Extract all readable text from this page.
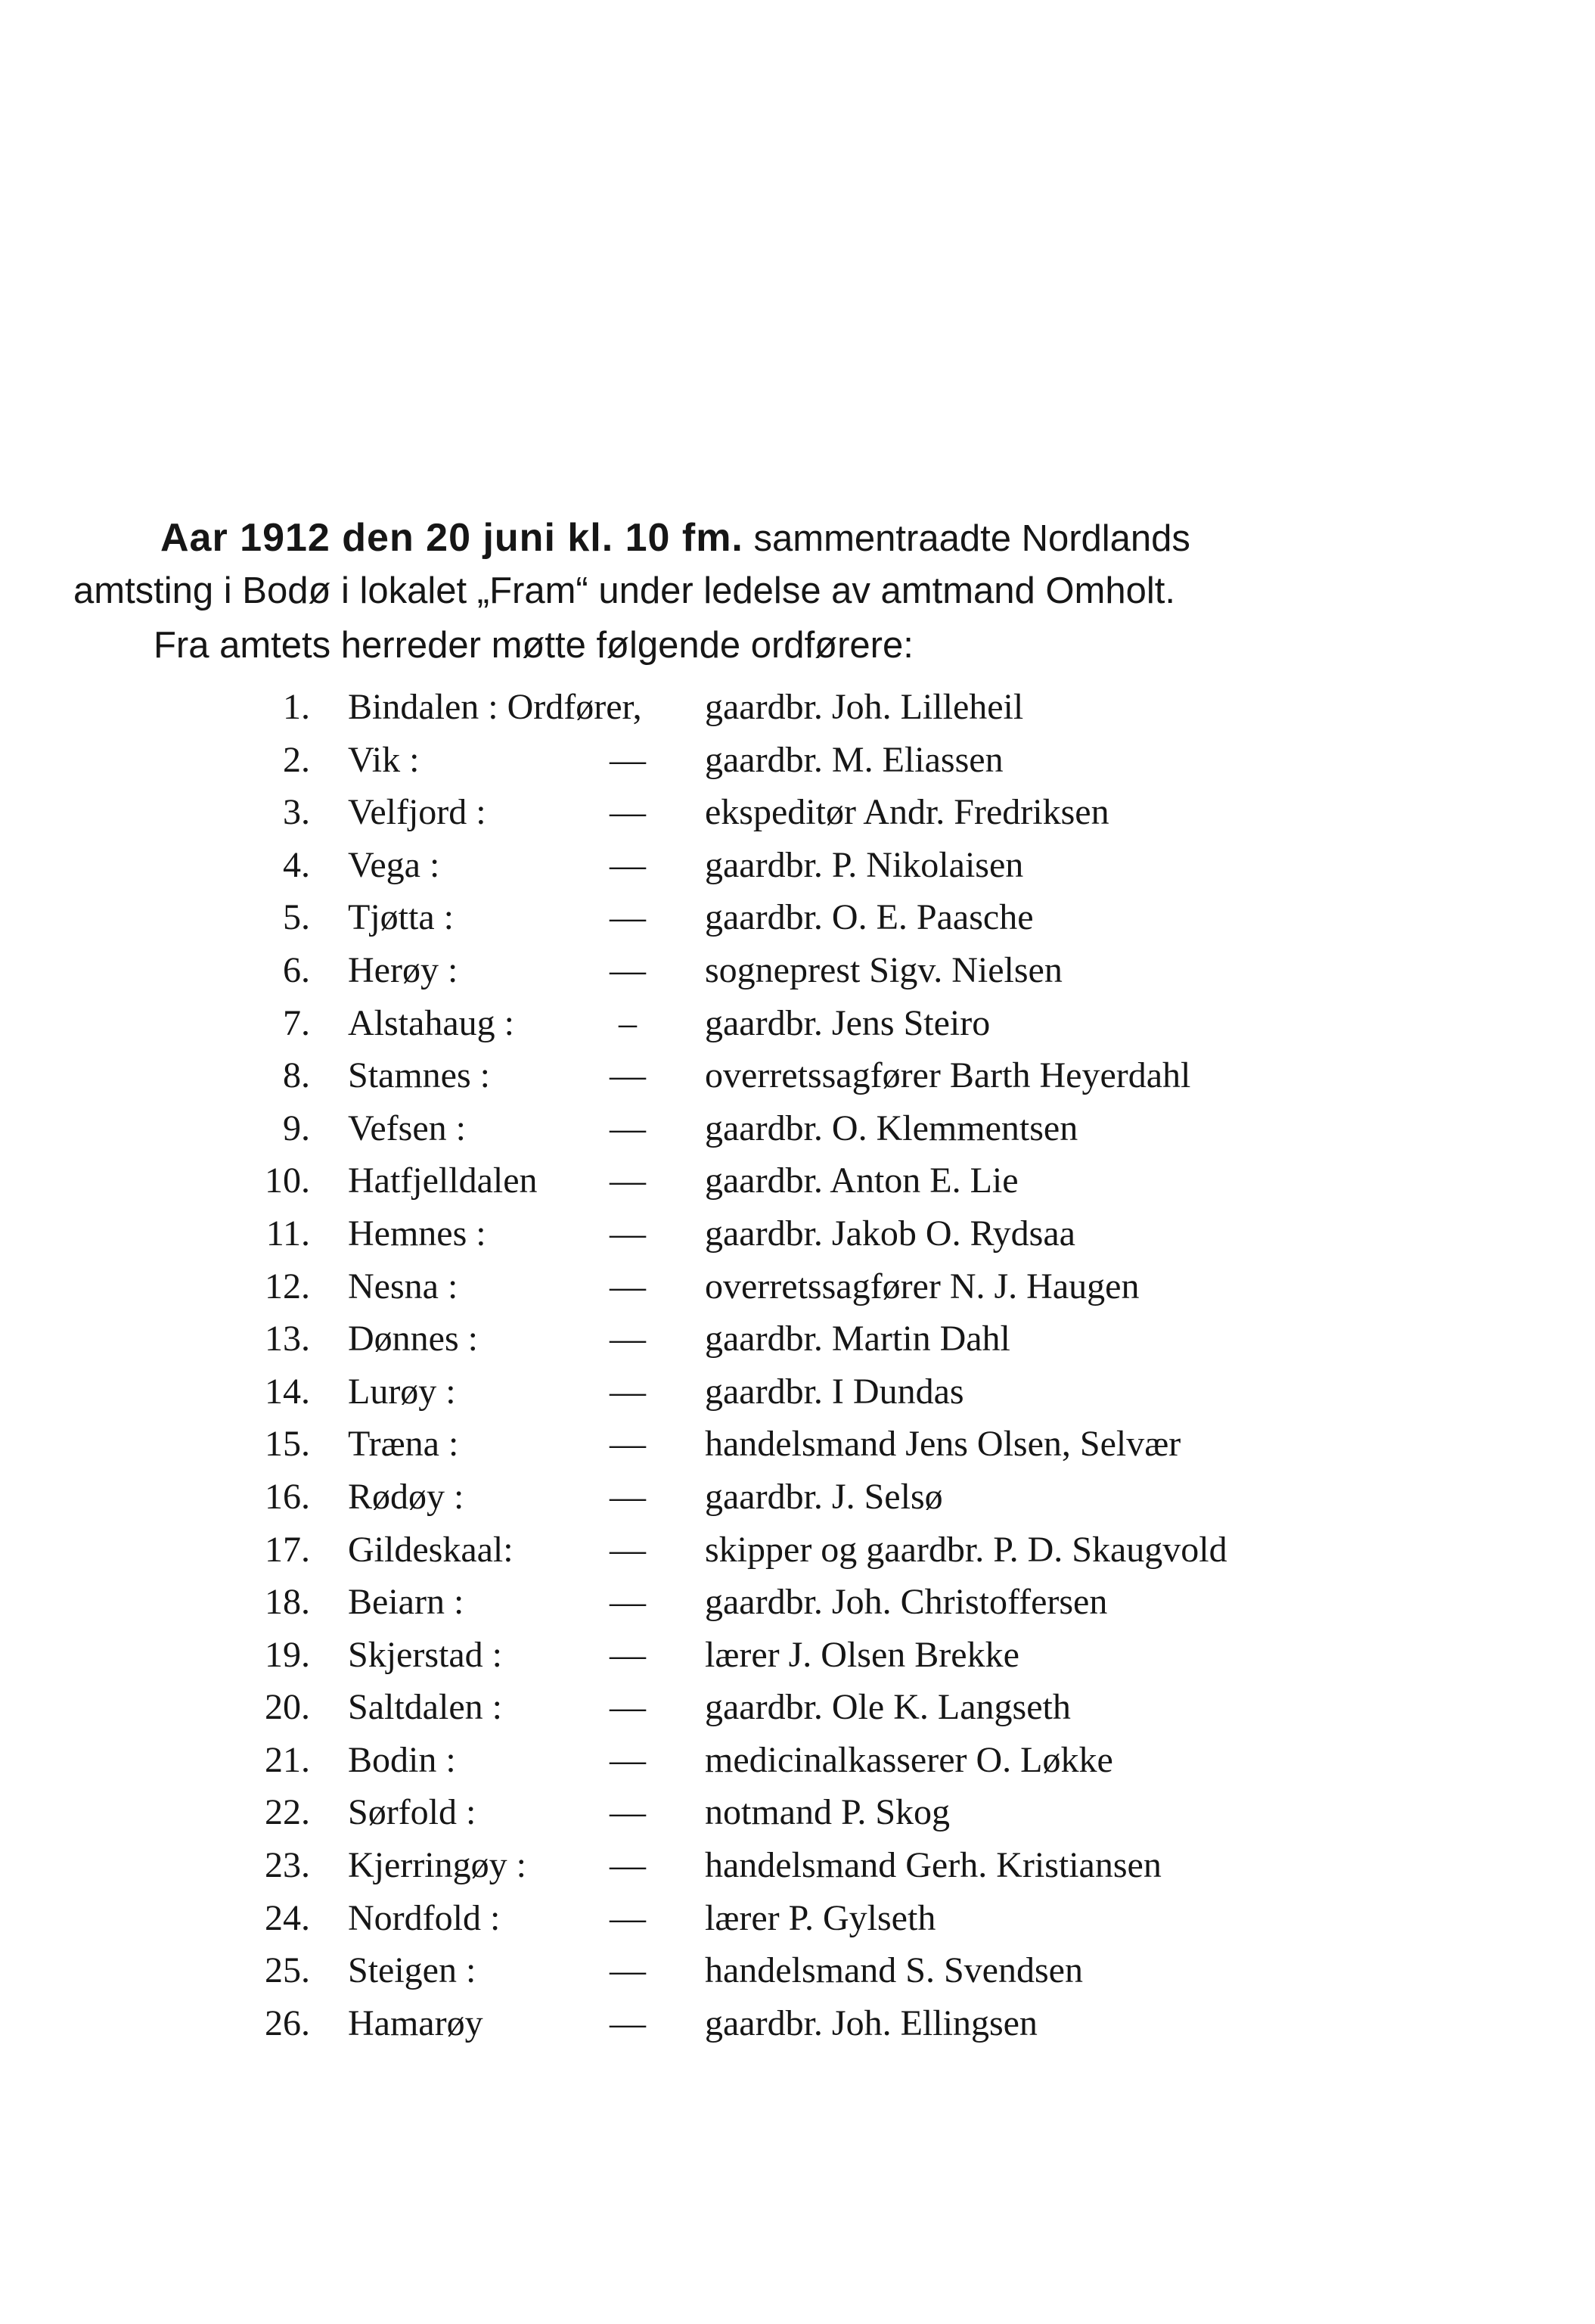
Aar 1912 den 20 juni kl. 10 fm. sammentraadte Nordlands
amtsting i Bodø i lokalet „Fram“ under ledelse av amtmand Omholt.
Fra amtets herreder møtte følgende ordførere:
1. Bindalen : Ordfører, gaardbr. Joh. Lilleheil
2. Vik :	— gaardbr. M. Eliassen
3. Velfjord :	— ekspeditør Andr. Fredriksen
4. Vega :	— gaardbr. P. Nikolaisen
5. Tjøtta :	— gaardbr. O. E. Paasche
6. Herøy :	— sogneprest Sigv. Nielsen
7. Alstahaug :	–	gaardbr. Jens Steiro
8. Stamnes :	— overretssagfører Barth Heyerdahl
9. Vefsen :	— gaardbr. O. Klemmentsen
10. Hatfjelldalen — gaardbr. Anton E. Lie
11. Hemnes :	— gaardbr. Jakob O. Rydsaa
12. Nesna :	— overretssagfører N. J. Haugen
13. Dønnes :	— gaardbr. Martin Dahl
14. Lurøy :	— gaardbr. I Dundas
15. Træna :	— handelsmand Jens Olsen, Selvær
16. Rødøy :	— gaardbr. J. Selsø
17. Gildeskaal:	— skipper og gaardbr. P. D. Skaugvold
18. Beiarn :	— gaardbr. Joh. Christoffersen
19. Skjerstad :	— lærer J. Olsen Brekke
20. Saltdalen :	— gaardbr. Ole K. Langseth
21. Bodin :	— medicinalkasserer O. Løkke
22. Sørfold :	— notmand P. Skog
23. Kjerringøy : — handelsmand Gerh. Kristiansen
24. Nordfold :	— lærer P. Gylseth
25. Steigen :	— handelsmand S. Svendsen
26. Hamarøy	— gaardbr. Joh. Ellingsen
